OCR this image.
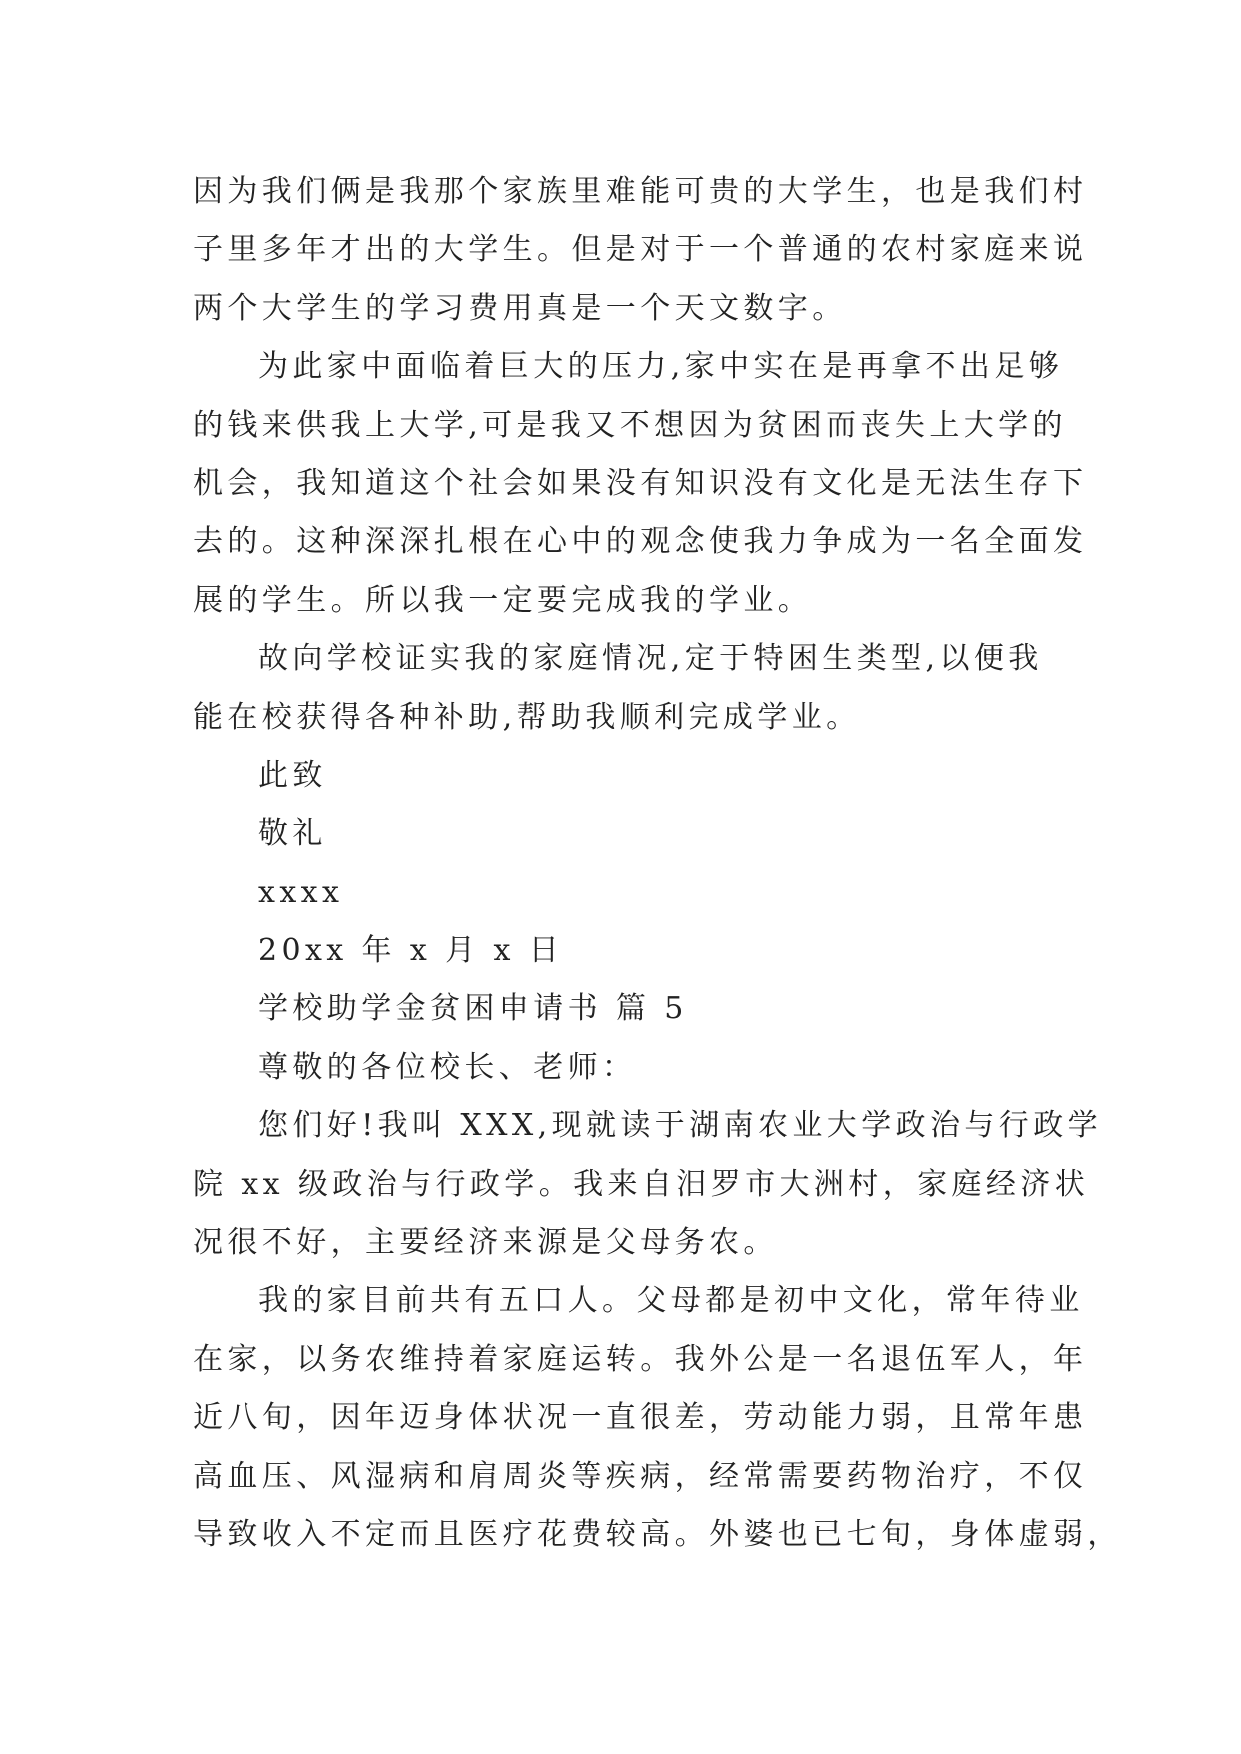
因为我们俩是我那个家族里难能可贵的大学生，也是我们村
子里多年才出的大学生。但是对于一个普通的农村家庭来说
两个大学生的学习费用真是一个天文数字。
为此家中面临着巨大的压力,家中实在是再拿不出足够
的钱来供我上大学,可是我又不想因为贫困而丧失上大学的
机会，我知道这个社会如果没有知识没有文化是无法生存下
去的。这种深深扎根在心中的观念使我力争成为一名全面发
展的学生。所以我一定要完成我的学业。
故向学校证实我的家庭情况,定于特困生类型,以便我
能在校获得各种补助,帮助我顺利完成学业。
此致
敬礼
xxxx
20xx 年 x 月 x 日
学校助学金贫困申请书 篇 5
尊敬的各位校长、老师：
您们好!我叫 XXX,现就读于湖南农业大学政治与行政学
院 xx 级政治与行政学。我来自汨罗市大洲村，家庭经济状
况很不好，主要经济来源是父母务农。
我的家目前共有五口人。父母都是初中文化，常年待业
在家，以务农维持着家庭运转。我外公是一名退伍军人，年
近八旬，因年迈身体状况一直很差，劳动能力弱，且常年患
高血压、风湿病和肩周炎等疾病，经常需要药物治疗，不仅
导致收入不定而且医疗花费较高。外婆也已七旬，身体虚弱，
